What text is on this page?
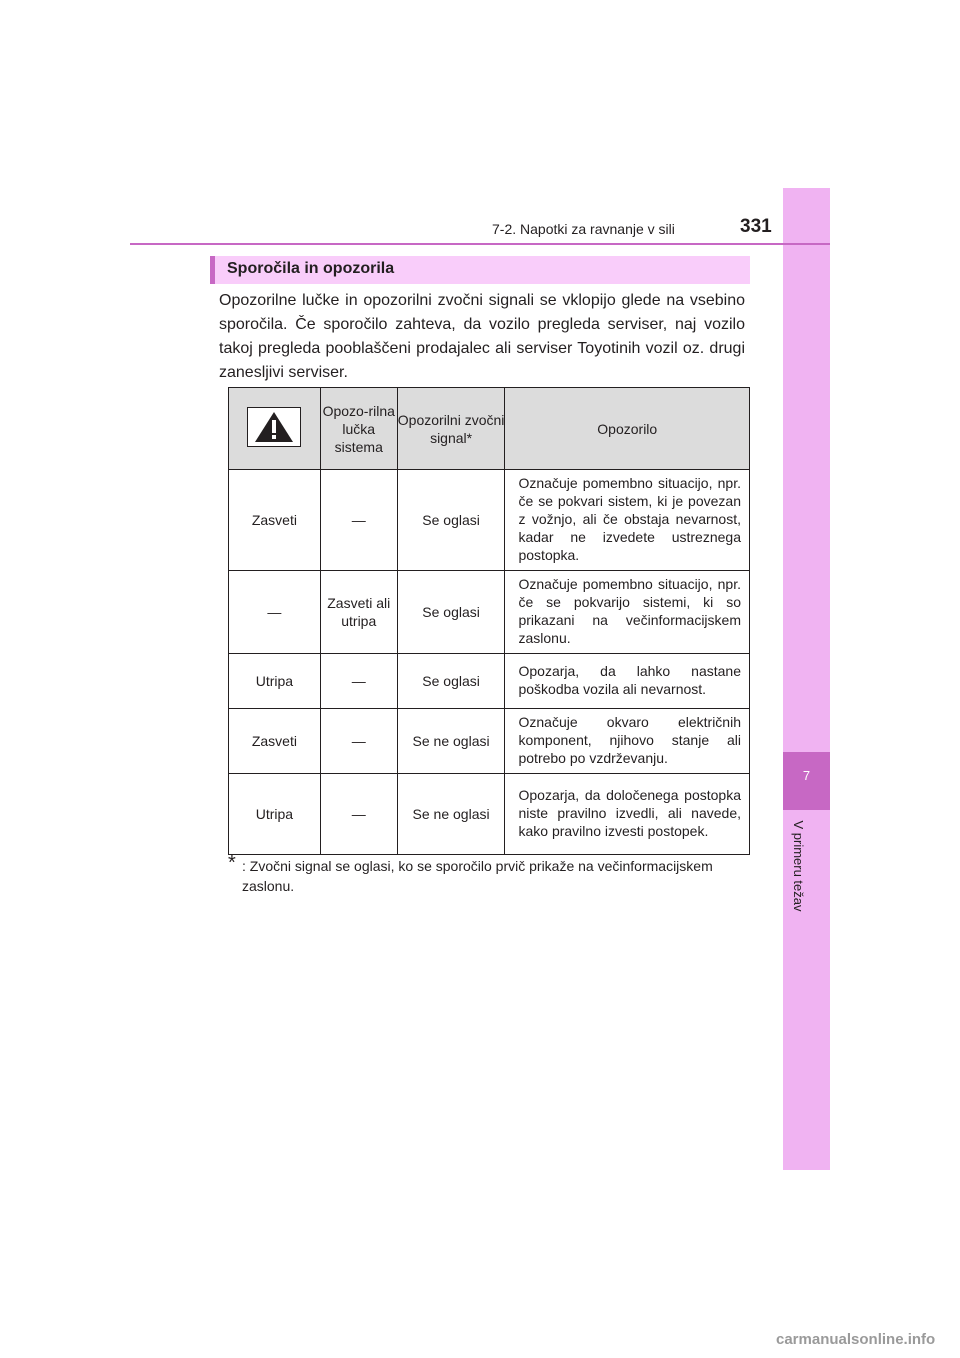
7
V primeru težav
7-2. Napotki za ravnanje v sili	331
Sporočila in opozorila
Opozorilne lučke in opozorilni zvočni signali se vklopijo glede na vsebino sporočila. Če sporočilo zahteva, da vozilo pregleda serviser, naj vozilo takoj pregleda pooblaščeni prodajalec ali serviser Toyotinih vozil oz. drugi zanesljivi serviser.
	Opozo-rilna lučka sistema	Opozorilni zvočni signal*	Opozorilo
Zasveti	—	Se oglasi	Označuje pomembno situacijo, npr. če se pokvari sistem, ki je povezan z vožnjo, ali če obstaja nevarnost, kadar ne izvedete ustreznega postopka.
—	Zasveti ali utripa	Se oglasi	Označuje pomembno situacijo, npr. če se pokvarijo sistemi, ki so prikazani na večinformacijskem zaslonu.
Utripa	—	Se oglasi	Opozarja, da lahko nastane poškodba vozila ali nevarnost.
Zasveti	—	Se ne oglasi	Označuje okvaro električnih komponent, njihovo stanje ali potrebo po vzdrževanju.
Utripa	—	Se ne oglasi	Opozarja, da določenega postopka niste pravilno izvedli, ali navede, kako pravilno izvesti postopek.
* : Zvočni signal se oglasi, ko se sporočilo prvič prikaže na večinformacijskem
zaslonu.
carmanualsonline.info
